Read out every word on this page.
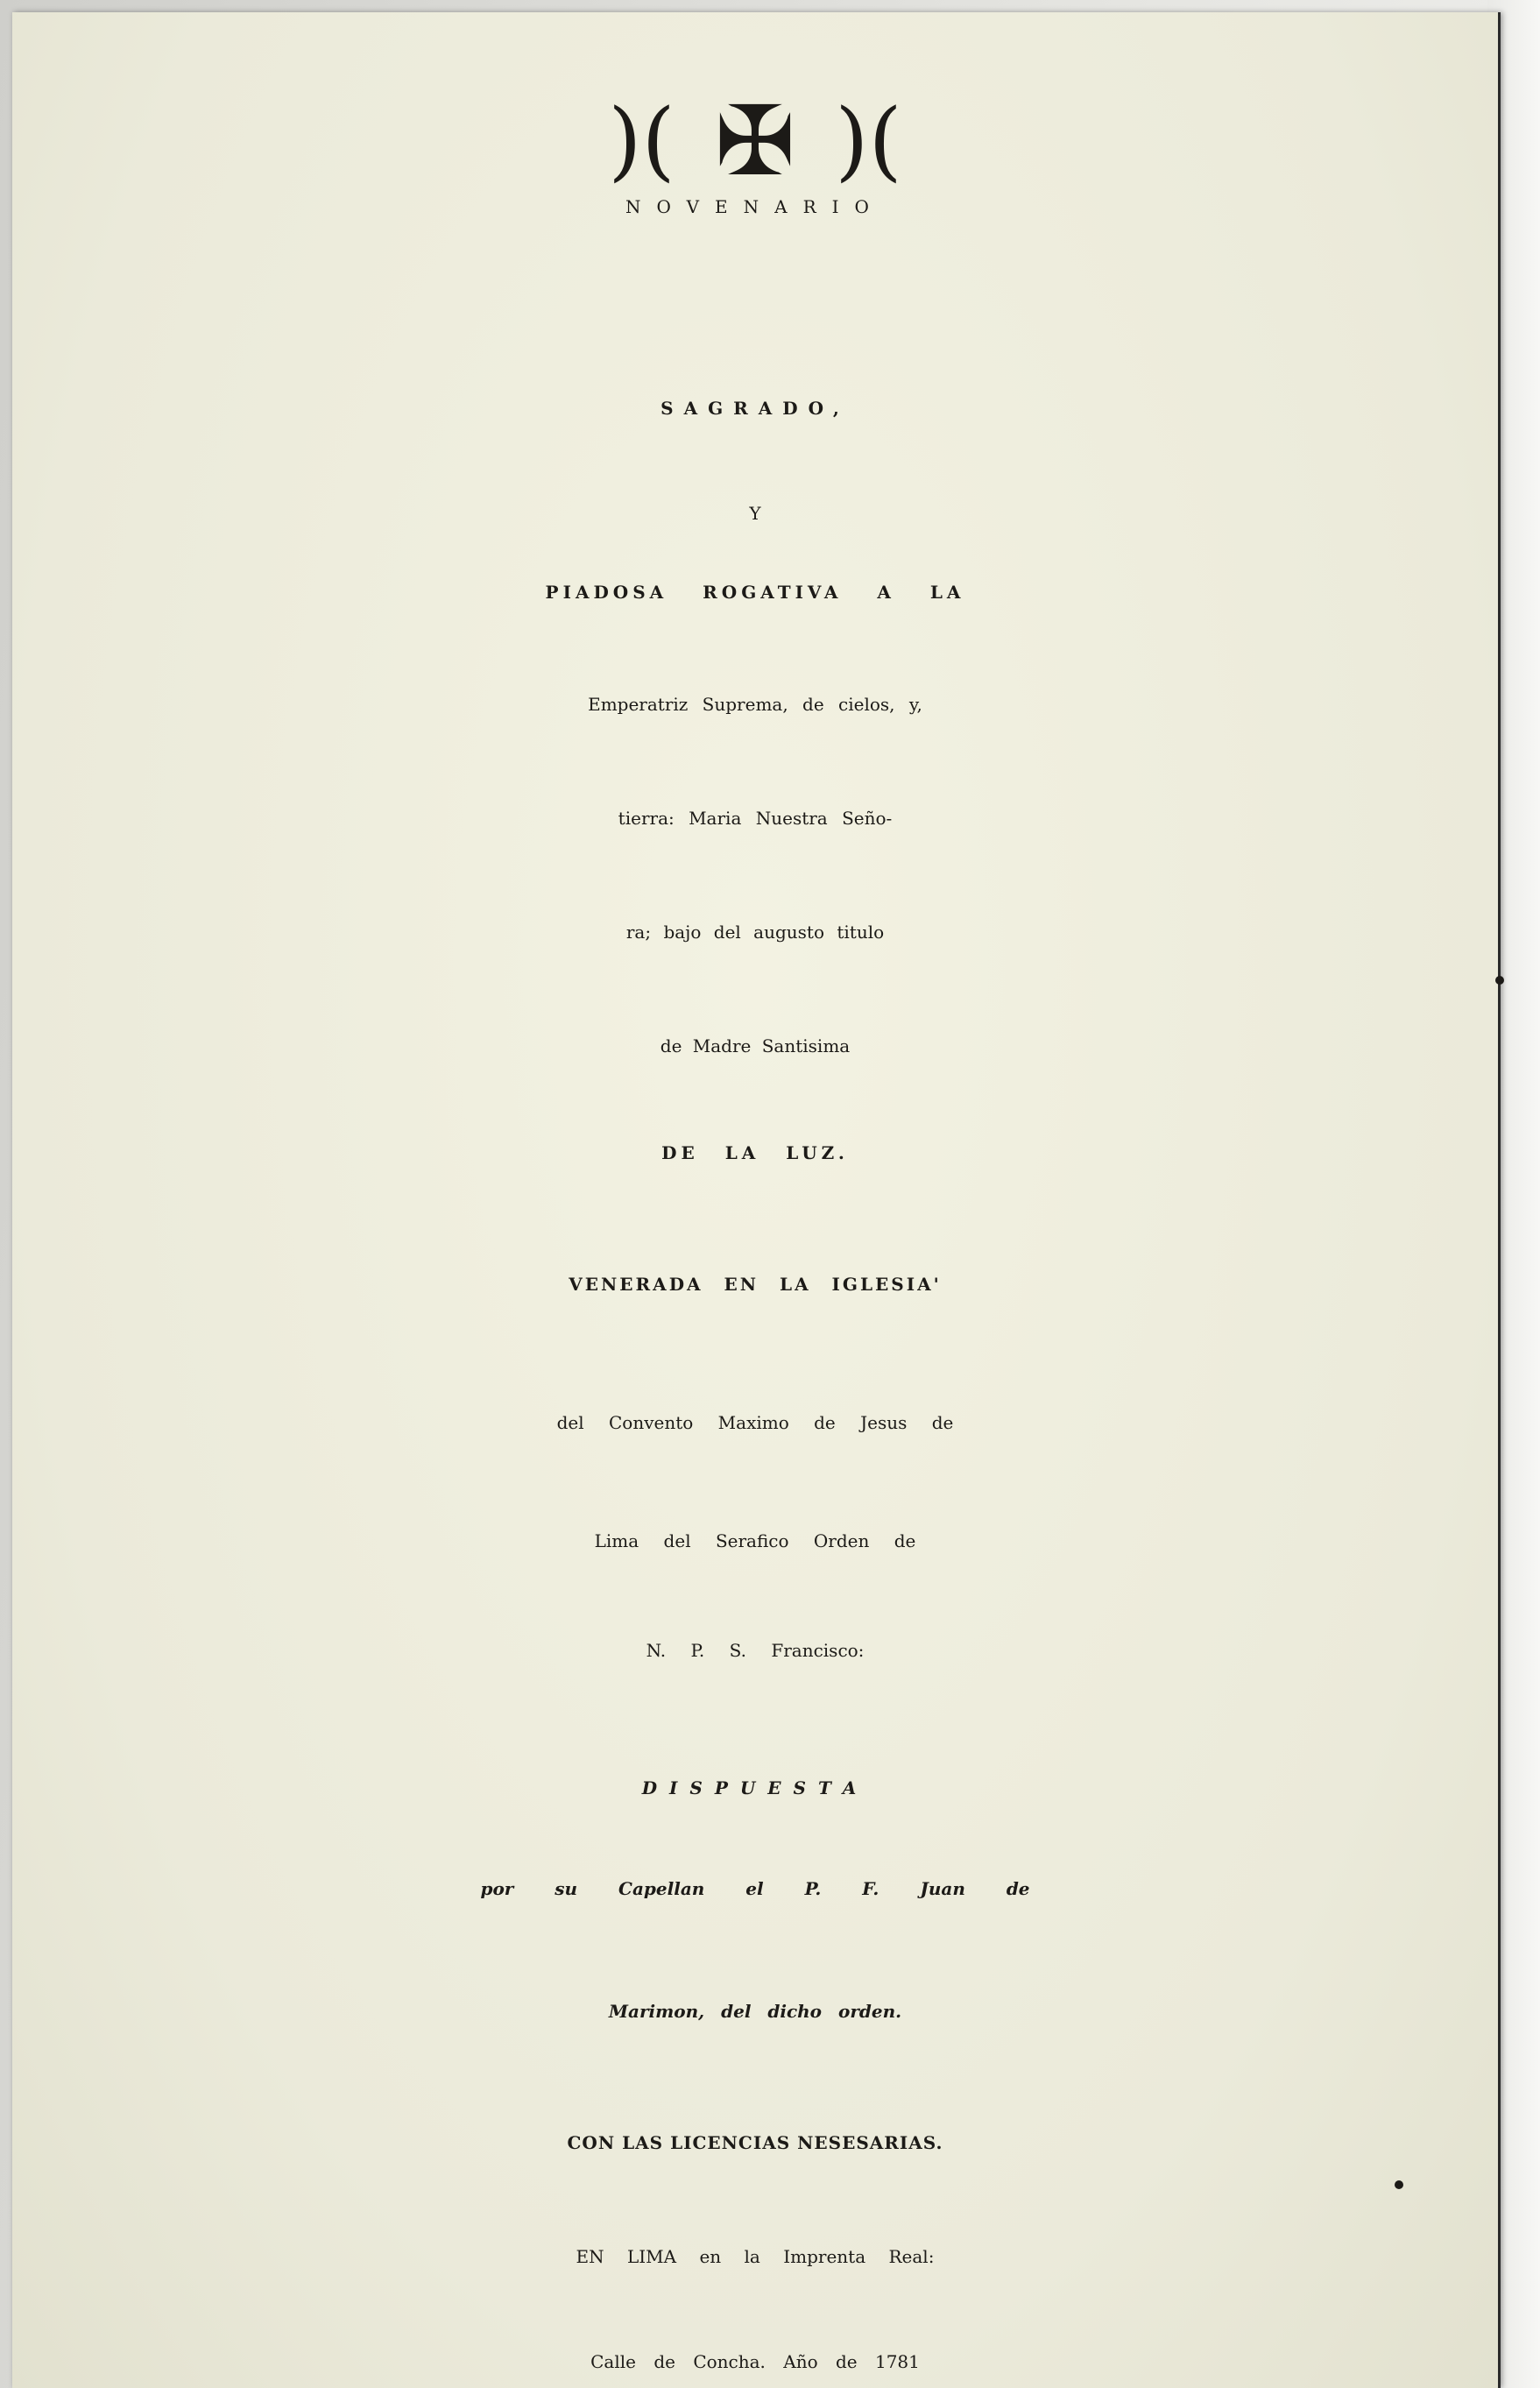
)( ✠ )(
NOVENARIO
SAGRADO,
Y
PIADOSA ROGATIVA A LA
Emperatriz Suprema, de cielos, y,
tierra: Maria Nuestra Seño-
ra; bajo del augusto titulo
de Madre Santisima
DE LA LUZ.
VENERADA EN LA IGLESIA'
del Convento Maximo de Jesus de
Lima del Serafico Orden de
N. P. S. Francisco:
DISPUESTA
por su Capellan el P. F. Juan de
Marimon, del dicho orden.
CON LAS LICENCIAS NESESARIAS.
EN LIMA en la Imprenta Real:
Calle de Concha. Año de 1781
